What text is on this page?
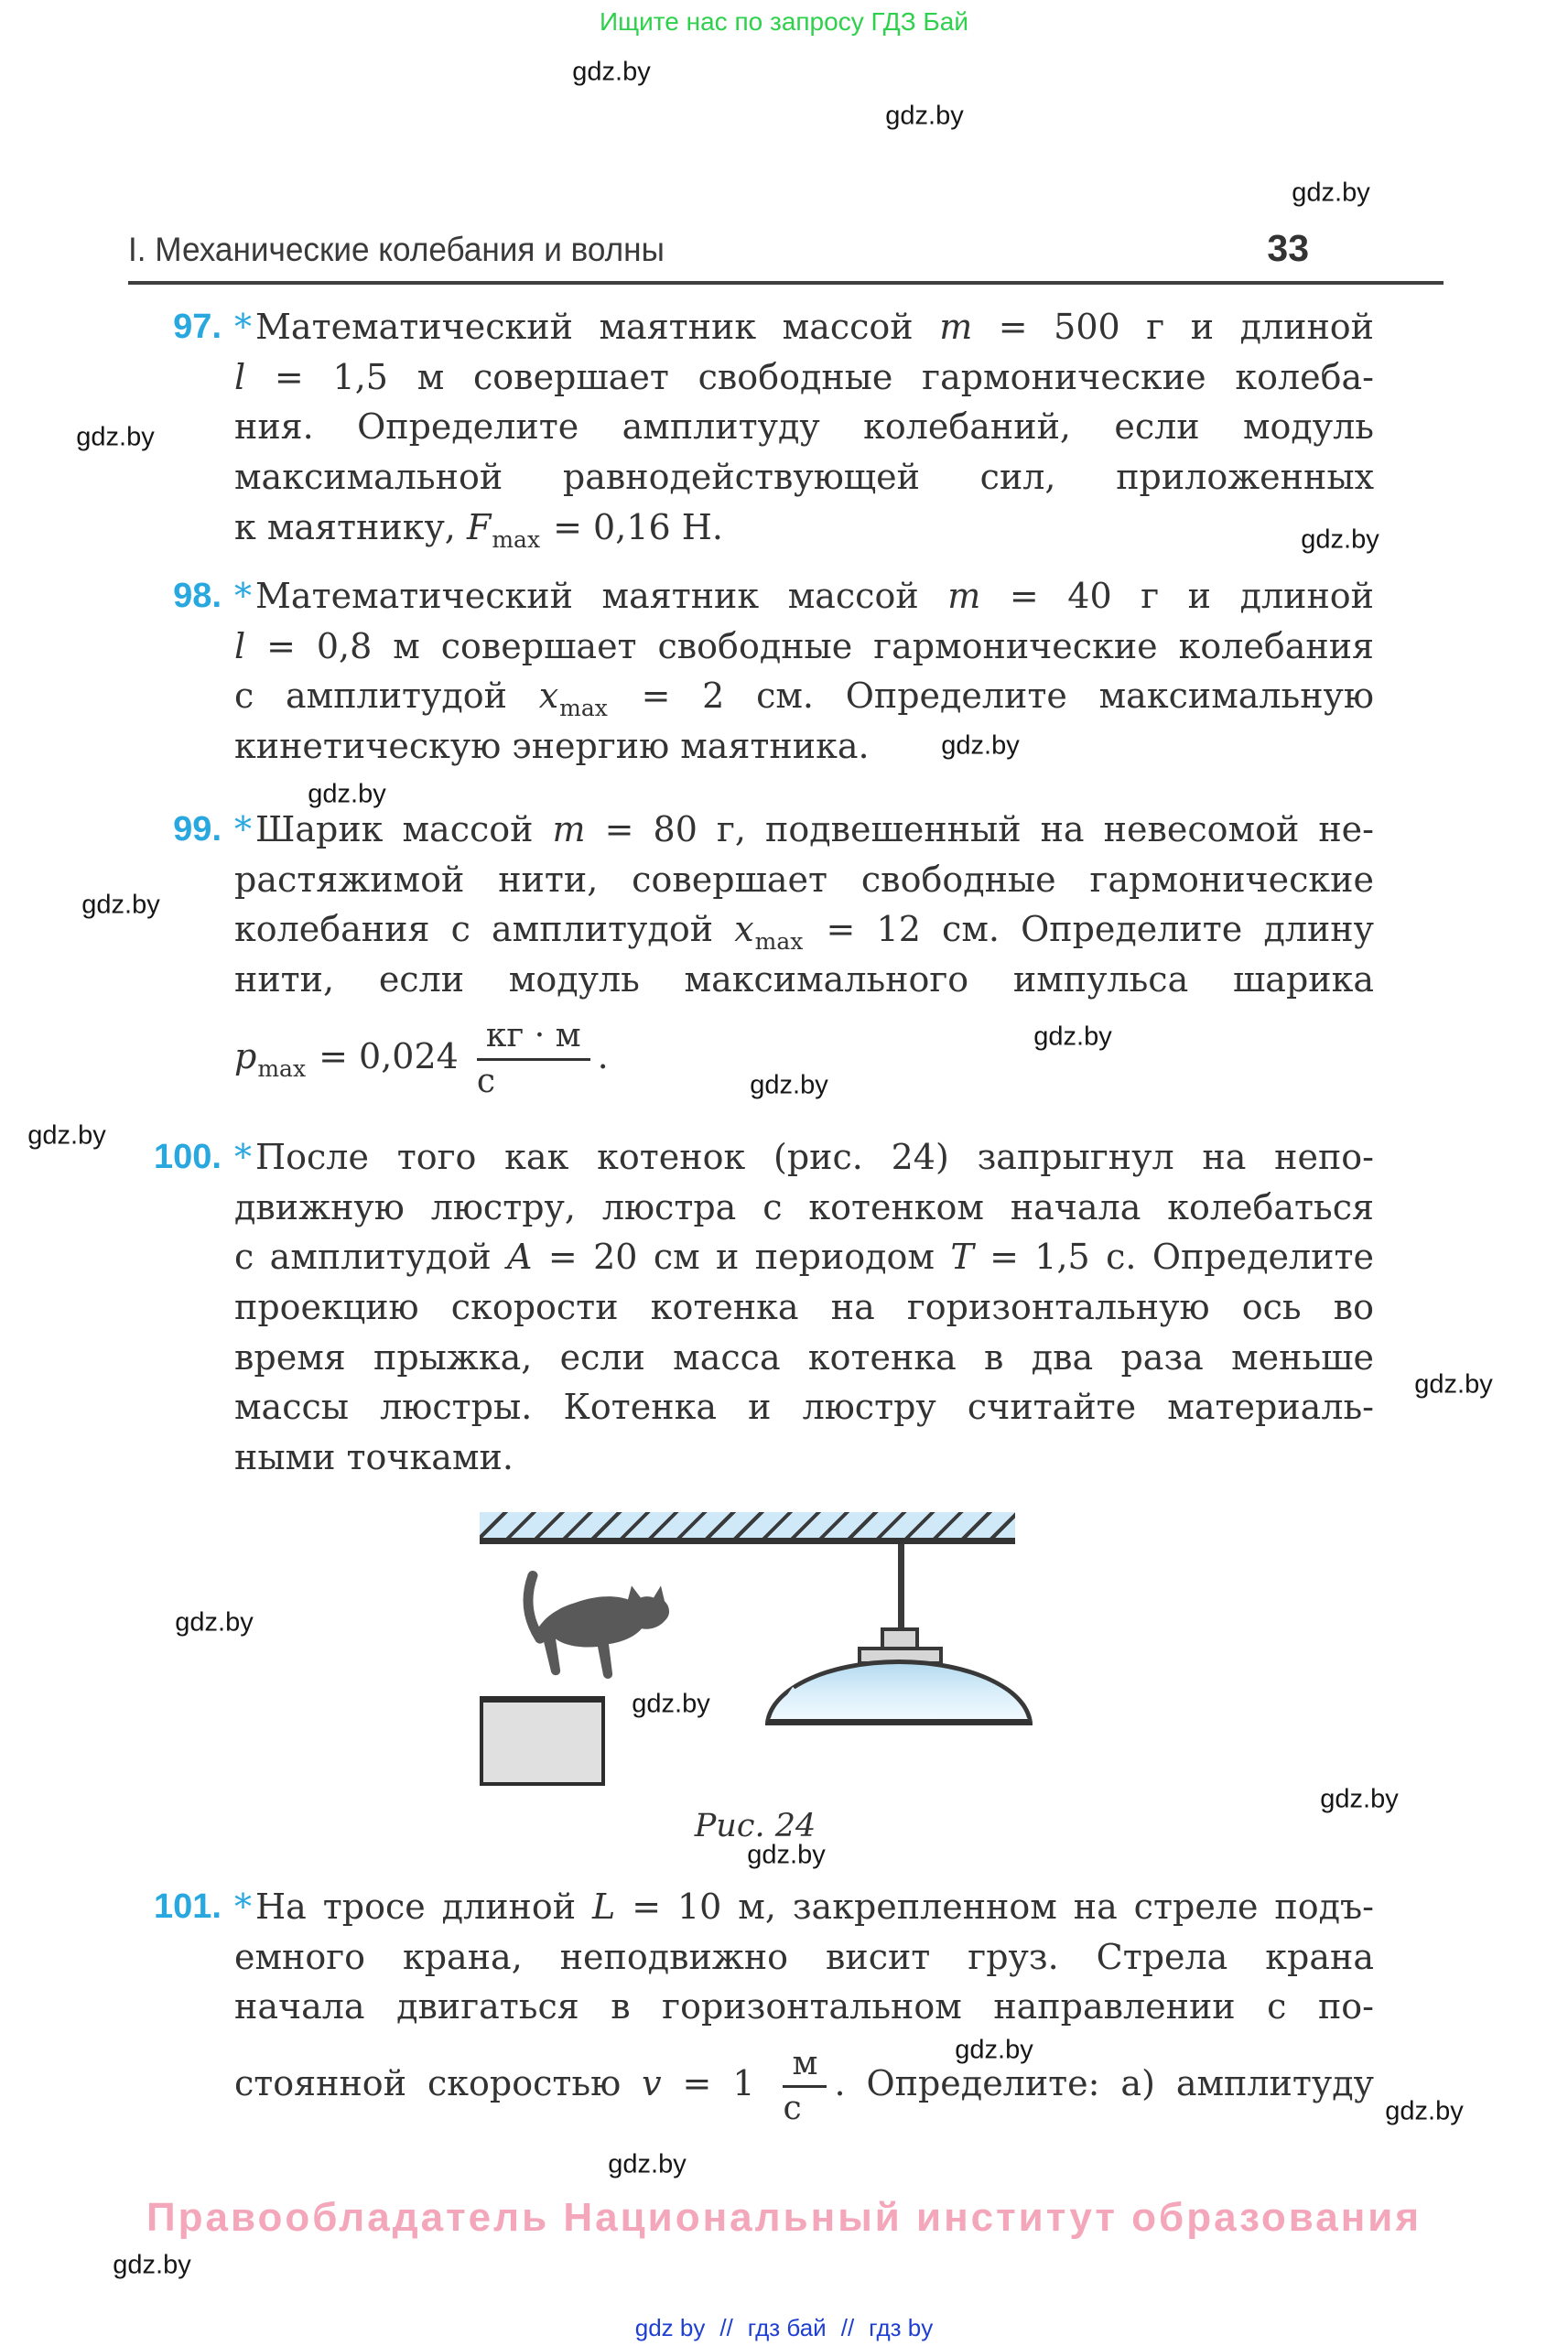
Ищите нас по запросу ГДЗ Бай
gdz.by
gdz.by
gdz.by
gdz.by
gdz.by
gdz.by
gdz.by
gdz.by
gdz.by
gdz.by
gdz.by
gdz.by
gdz.by
gdz.by
gdz.by
gdz.by
gdz.by
gdz.by
gdz.by
gdz.by
I. Механические колебания и волны	33
97. * Математический маятник массой m = 500 г и длиной
l = 1,5 м совершает свободные гармонические колеба-
ния. Определите амплитуду колебаний, если модуль
максимальной равнодействующей сил, приложенных
к маятнику, $F_{max} = 0,16$ Н.
98. * Математический маятник массой m = 40 г и длиной
l = 0,8 м совершает свободные гармонические колебания
с амплитудой $x_{max} = 2$ см. Определите максимальную
кинетическую энергию маятника.
99. * Шарик массой m = 80 г, подвешенный на невесомой не-
растяжимой нити, совершает свободные гармонические
колебания с амплитудой $x_{max} = 12$ см. Определите длину
нити, если модуль максимального импульса шарика
$p_{max} = 0,024 \frac{кг \cdot м}{с}$ .
100. * После того как котенок (рис. 24) запрыгнул на непо-
движную люстру, люстра с котенком начала колебаться
с амплитудой A = 20 см и периодом T = 1,5 с. Определите
проекцию скорости котенка на горизонтальную ось во
время прыжка, если масса котенка в два раза меньше
массы люстры. Котенка и люстру считайте материаль-
ными точками.
101. * На тросе длиной L = 10 м, закрепленном на стреле подъ-
емного крана, неподвижно висит груз. Стрела крана
начала двигаться в горизонтальном направлении с по-
стоянной скоростью $v = 1 \frac{м}{с}$ . Определите: а) амплитуду
Рис. 24
Правообладатель Национальный институт образования
gdz by // гдз бай // гдз by
